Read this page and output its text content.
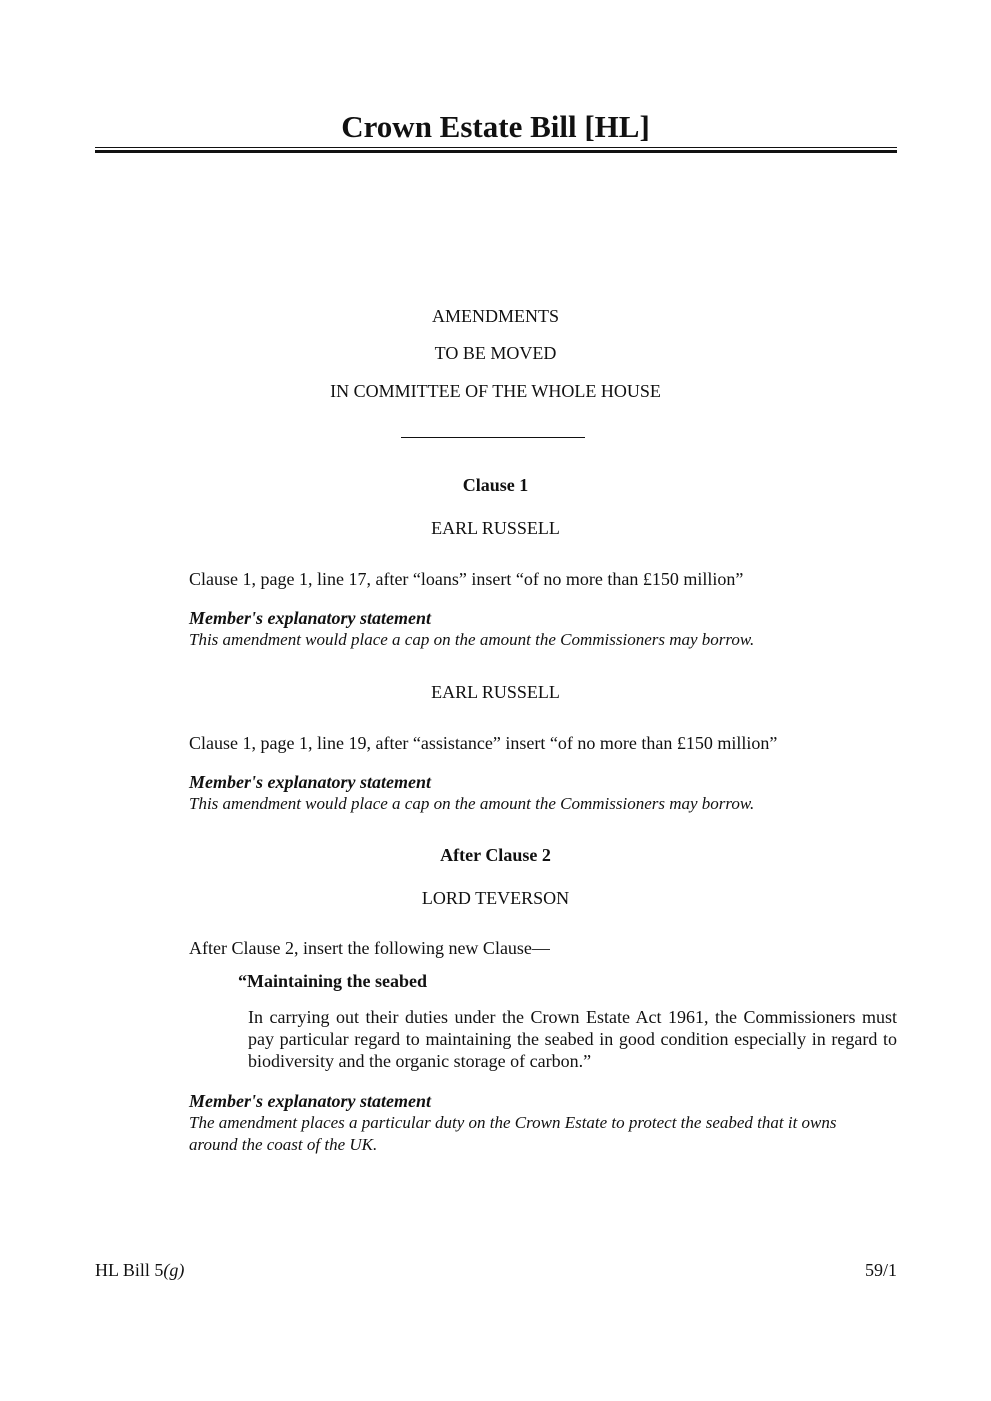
Crown Estate Bill [HL]
AMENDMENTS
TO BE MOVED
IN COMMITTEE OF THE WHOLE HOUSE
Clause 1
EARL RUSSELL
Clause 1, page 1, line 17, after “loans” insert “of no more than £150 million”
Member's explanatory statement
This amendment would place a cap on the amount the Commissioners may borrow.
EARL RUSSELL
Clause 1, page 1, line 19, after “assistance” insert “of no more than £150 million”
Member's explanatory statement
This amendment would place a cap on the amount the Commissioners may borrow.
After Clause 2
LORD TEVERSON
After Clause 2, insert the following new Clause—
“Maintaining the seabed
In carrying out their duties under the Crown Estate Act 1961, the Commissioners must pay particular regard to maintaining the seabed in good condition especially in regard to biodiversity and the organic storage of carbon.”
Member's explanatory statement
The amendment places a particular duty on the Crown Estate to protect the seabed that it owns
around the coast of the UK.
HL Bill 5(g)	59/1
